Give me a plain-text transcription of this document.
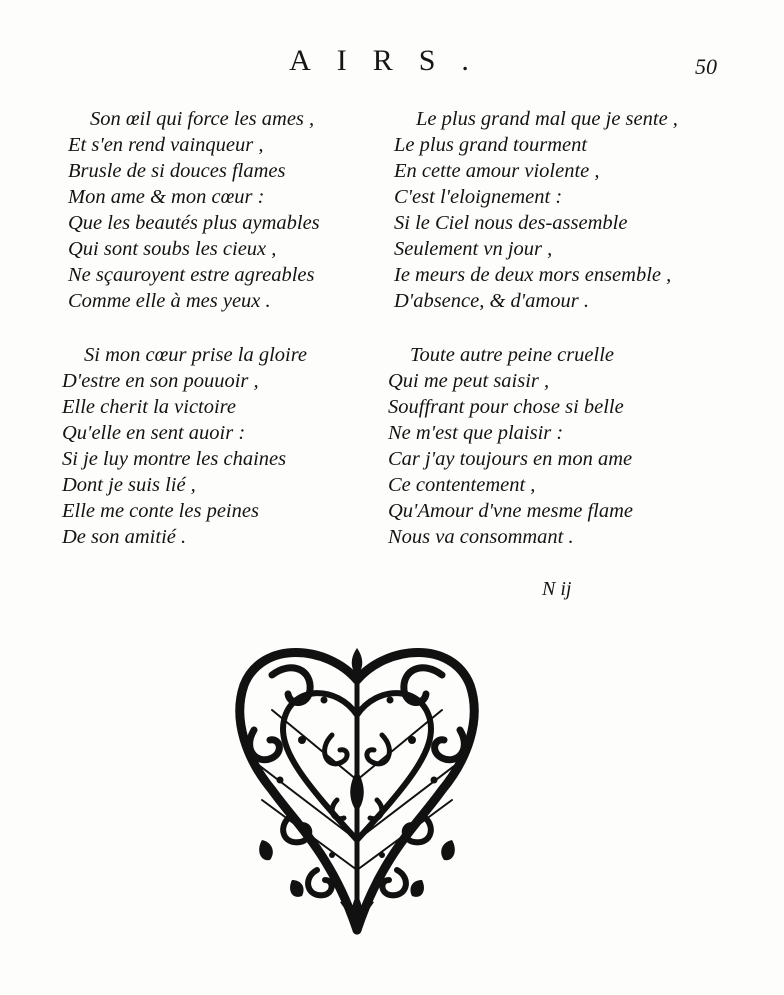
AIRS.	50
Son œil qui force les ames ,
Et s'en rend vainqueur ,
Brusle de si douces flames
Mon ame & mon cœur :
Que les beautés plus aymables
Qui sont soubs les cieux ,
Ne sçauroyent estre agreables
Comme elle à mes yeux .
Le plus grand mal que je sente ,
Le plus grand tourment
En cette amour violente ,
C'est l'eloignement :
Si le Ciel nous des-assemble
Seulement vn jour ,
Ie meurs de deux mors ensemble ,
D'absence, & d'amour .
Si mon cœur prise la gloire
D'estre en son pouuoir ,
Elle cherit la victoire
Qu'elle en sent auoir :
Si je luy montre les chaines
Dont je suis lié ,
Elle me conte les peines
De son amitié .
Toute autre peine cruelle
Qui me peut saisir ,
Souffrant pour chose si belle
Ne m'est que plaisir :
Car j'ay toujours en mon ame
Ce contentement ,
Qu'Amour d'vne mesme flame
Nous va consommant .
N ij
